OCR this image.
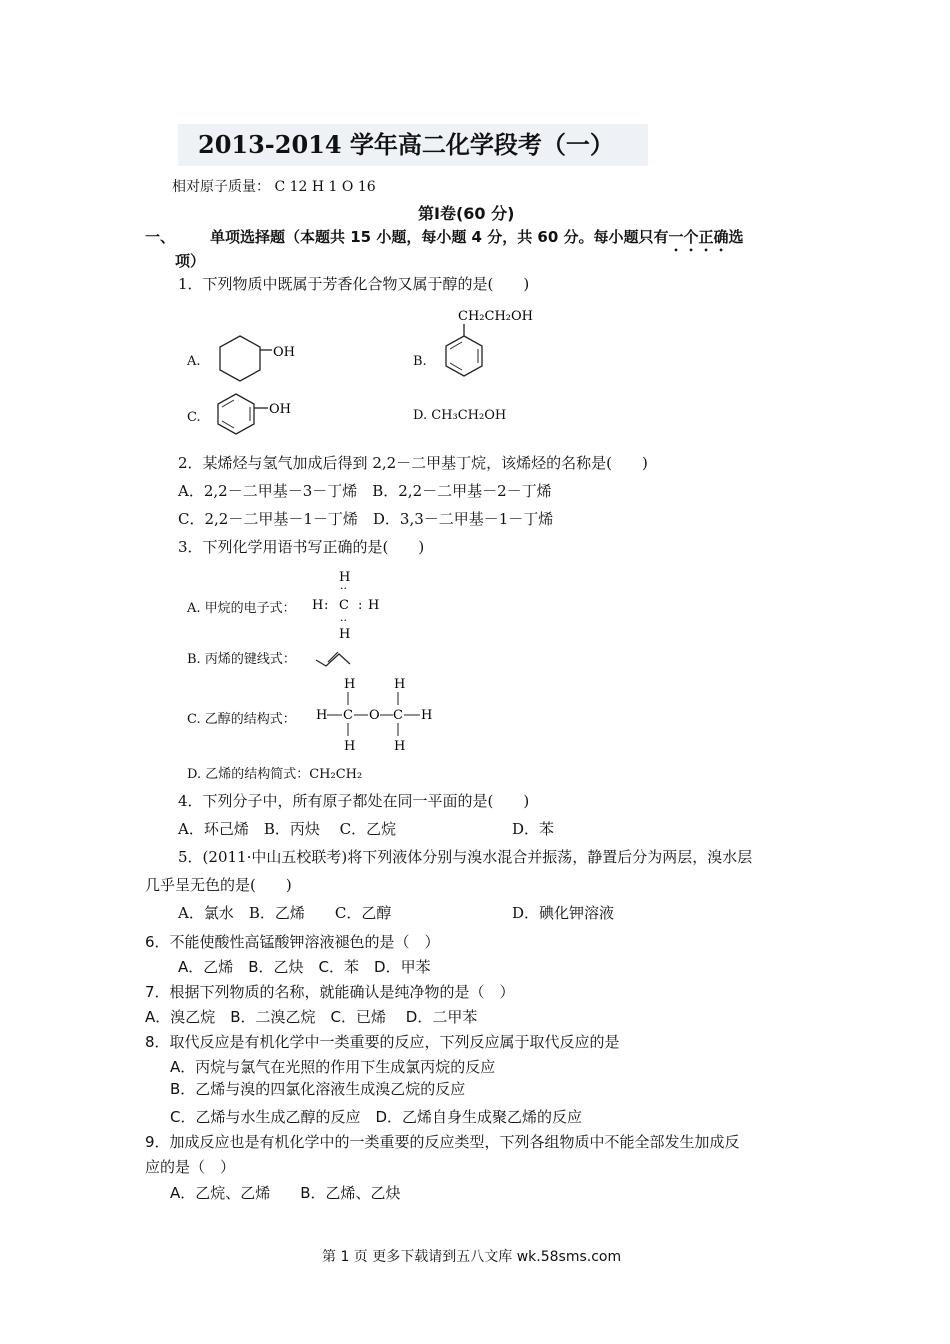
2013-2014 学年高二化学段考（一）
相对原子质量： C 12 H 1 O 16
第Ⅰ卷(60 分)
一、 单项选择题（本题共 15 小题，每小题 4 分，共 60 分。每小题只有一个正确选
项）
1．下列物质中既属于芳香化合物又属于醇的是(　　)
A.
OH
B.
CH₂CH₂OH
C.
OH	D. CH₃CH₂OH
2．某烯烃与氢气加成后得到 2,2－二甲基丁烷，该烯烃的名称是(　　)
A．2,2－二甲基－3－丁烯　B．2,2－二甲基－2－丁烯
C．2,2－二甲基－1－丁烯　D．3,3－二甲基－1－丁烯
3．下列化学用语书写正确的是(　　)
A. 甲烷的电子式：
H
··
H : C : H
··
H
B. 丙烯的键线式：
C. 乙醇的结构式：
H	H
H C O C H
H	H
D. 乙烯的结构简式：CH₂CH₂
4．下列分子中，所有原子都处在同一平面的是(　　)
A．环己烯　B．丙炔　 C．乙烷	D．苯
5．(2011·中山五校联考)将下列液体分别与溴水混合并振荡，静置后分为两层，溴水层
几乎呈无色的是(　　)
A．氯水　B．乙烯　　C．乙醇	D．碘化钾溶液
6．不能使酸性高锰酸钾溶液褪色的是（　）
A．乙烯　B．乙炔　C．苯　D．甲苯
7．根据下列物质的名称，就能确认是纯净物的是（　）
A．溴乙烷　B．二溴乙烷　C．已烯　 D．二甲苯
8．取代反应是有机化学中一类重要的反应，下列反应属于取代反应的是
A．丙烷与氯气在光照的作用下生成氯丙烷的反应
B．乙烯与溴的四氯化溶液生成溴乙烷的反应
C．乙烯与水生成乙醇的反应　D．乙烯自身生成聚乙烯的反应
9．加成反应也是有机化学中的一类重要的反应类型，下列各组物质中不能全部发生加成反
应的是（　）
A．乙烷、乙烯　　B．乙烯、乙炔
第 1 页 更多下载请到五八文库 wk.58sms.com
